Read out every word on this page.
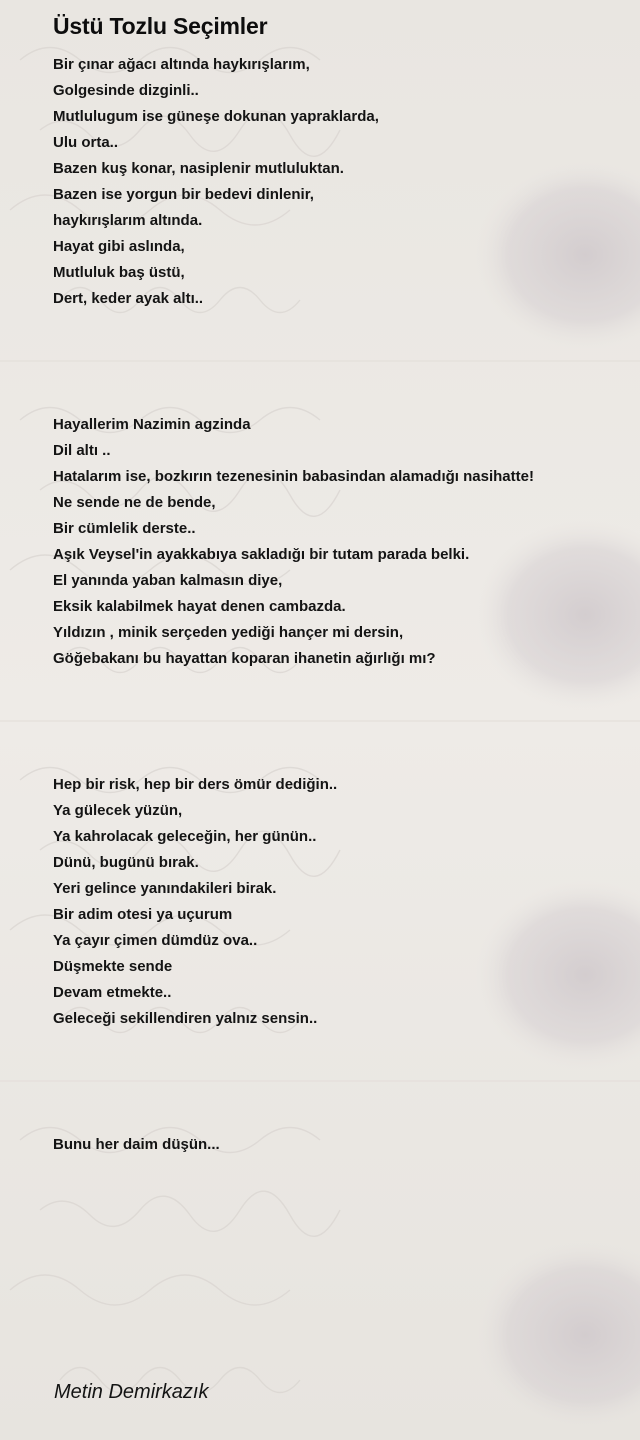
Üstü Tozlu Seçimler
Bir çınar ağacı altında haykırışlarım,
Golgesinde dizginli..
Mutlulugum ise güneşe dokunan yapraklarda,
Ulu orta..
Bazen kuş konar, nasiplenir mutluluktan.
Bazen ise yorgun bir bedevi dinlenir,
haykırışlarım altında.
Hayat gibi aslında,
Mutluluk baş üstü,
Dert, keder ayak altı..
Hayallerim Nazimin agzinda
Dil altı ..
Hatalarım ise, bozkırın tezenesinin babasindan alamadığı nasihatte!
Ne sende ne de bende,
Bir cümlelik derste..
Aşık Veysel'in ayakkabıya sakladığı bir tutam parada belki.
El yanında yaban kalmasın diye,
Eksik kalabilmek hayat denen cambazda.
Yıldızın , minik serçeden yediği hançer mi dersin,
Göğebakanı bu hayattan koparan ihanetin ağırlığı mı?
Hep bir risk, hep bir ders ömür dediğin..
Ya gülecek yüzün,
Ya kahrolacak geleceğin, her günün..
Dünü, bugünü bırak.
Yeri gelince yanındakileri birak.
Bir adim otesi ya uçurum
Ya çayır çimen dümdüz ova..
Düşmekte sende
Devam etmekte..
Geleceği sekillendiren yalnız sensin..
Bunu her daim düşün...
Metin Demirkazık
